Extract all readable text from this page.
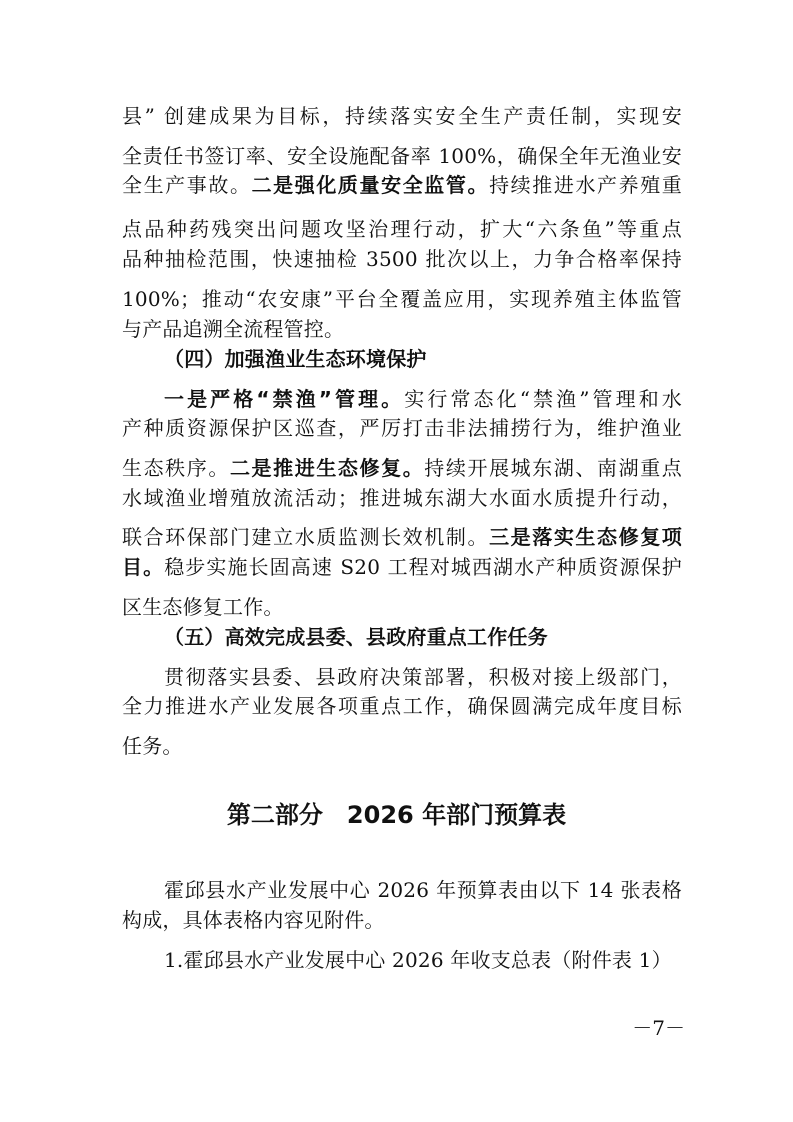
县” 创建成果为目标，持续落实安全生产责任制，实现安
全责任书签订率、安全设施配备率 100%，确保全年无渔业安
全生产事故。二是强化质量安全监管。持续推进水产养殖重
点品种药残突出问题攻坚治理行动，扩大“六条鱼”等重点
品种抽检范围，快速抽检 3500 批次以上，力争合格率保持
100%；推动“农安康”平台全覆盖应用，实现养殖主体监管
与产品追溯全流程管控。
（四）加强渔业生态环境保护
一是严格“禁渔”管理。实行常态化“禁渔”管理和水
产种质资源保护区巡查，严厉打击非法捕捞行为，维护渔业
生态秩序。二是推进生态修复。持续开展城东湖、南湖重点
水域渔业增殖放流活动；推进城东湖大水面水质提升行动，
联合环保部门建立水质监测长效机制。三是落实生态修复项
目。稳步实施长固高速 S20 工程对城西湖水产种质资源保护
区生态修复工作。
（五）高效完成县委、县政府重点工作任务
贯彻落实县委、县政府决策部署，积极对接上级部门，
全力推进水产业发展各项重点工作，确保圆满完成年度目标
任务。
第二部分　2026 年部门预算表
霍邱县水产业发展中心 2026 年预算表由以下 14 张表格
构成，具体表格内容见附件。
1.霍邱县水产业发展中心 2026 年收支总表（附件表 1）
－7－
